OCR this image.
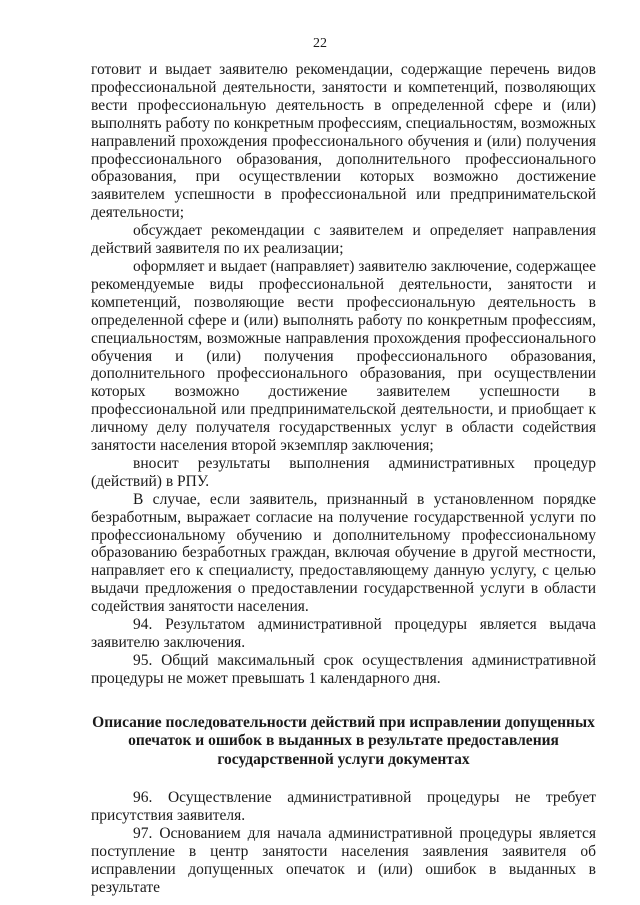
22

готовит и выдает заявителю рекомендации, содержащие перечень видов профессиональной деятельности, занятости и компетенций, позволяющих вести профессиональную деятельность в определенной сфере и (или) выполнять работу по конкретным профессиям, специальностям, возможных направлений прохождения профессионального обучения и (или) получения профессионального образования, дополнительного профессионального образования, при осуществлении которых возможно достижение заявителем успешности в профессиональной или предпринимательской деятельности;

обсуждает рекомендации с заявителем и определяет направления действий заявителя по их реализации;

оформляет и выдает (направляет) заявителю заключение, содержащее рекомендуемые виды профессиональной деятельности, занятости и компетенций, позволяющие вести профессиональную деятельность в определенной сфере и (или) выполнять работу по конкретным профессиям, специальностям, возможные направления прохождения профессионального обучения и (или) получения профессионального образования, дополнительного профессионального образования, при осуществлении которых возможно достижение заявителем успешности в профессиональной или предпринимательской деятельности, и приобщает к личному делу получателя государственных услуг в области содействия занятости населения второй экземпляр заключения;

вносит результаты выполнения административных процедур (действий) в РПУ.

В случае, если заявитель, признанный в установленном порядке безработным, выражает согласие на получение государственной услуги по профессиональному обучению и дополнительному профессиональному образованию безработных граждан, включая обучение в другой местности, направляет его к специалисту, предоставляющему данную услугу, с целью выдачи предложения о предоставлении государственной услуги в области содействия занятости населения.

94. Результатом административной процедуры является выдача заявителю заключения.

95. Общий максимальный срок осуществления административной процедуры не может превышать 1 календарного дня.

Описание последовательности действий при исправлении допущенных опечаток и ошибок в выданных в результате предоставления государственной услуги документах

96. Осуществление административной процедуры не требует присутствия заявителя.

97. Основанием для начала административной процедуры является поступление в центр занятости населения заявления заявителя об исправлении допущенных опечаток и (или) ошибок в выданных в результате
